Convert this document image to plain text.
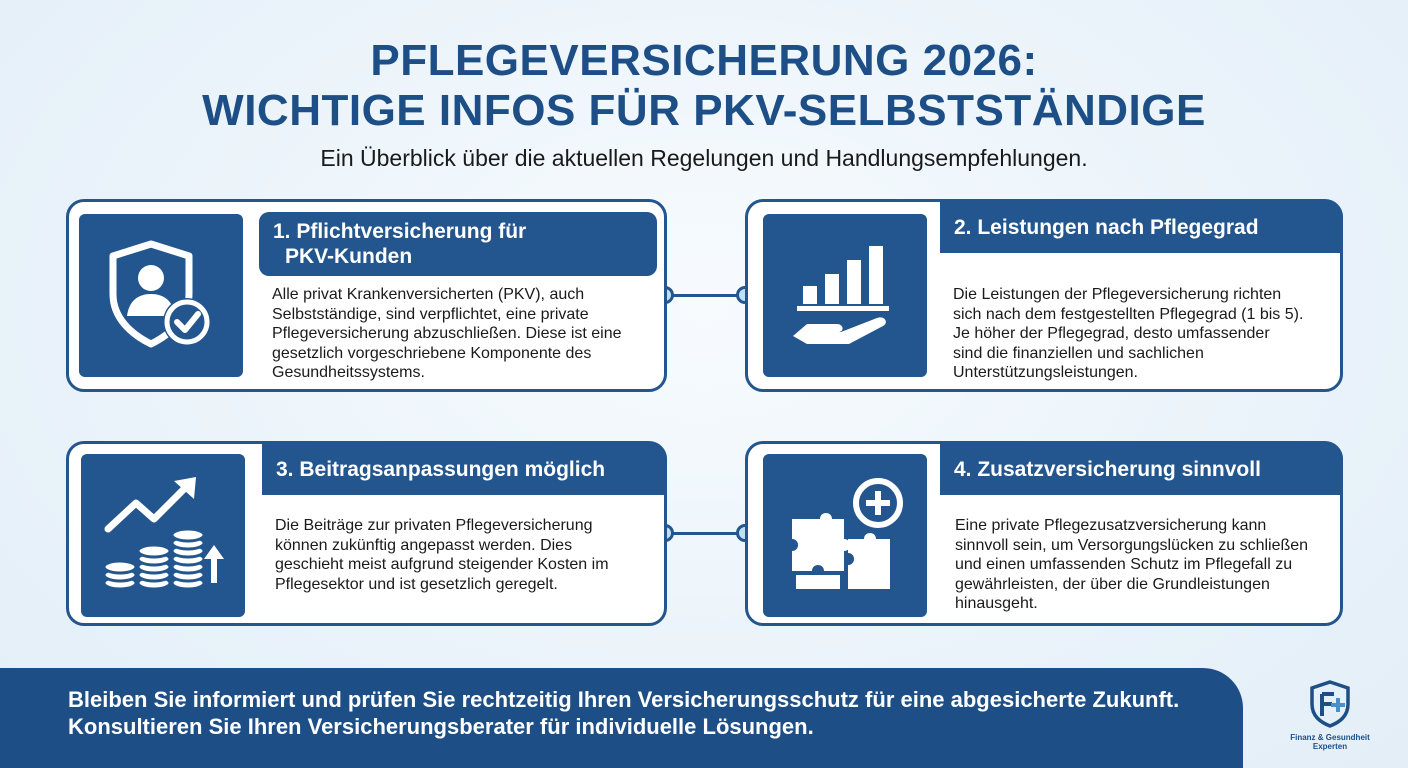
PFLEGEVERSICHERUNG 2026:
WICHTIGE INFOS FÜR PKV-SELBSTSTÄNDIGE
Ein Überblick über die aktuellen Regelungen und Handlungsempfehlungen.
1. Pflichtversicherung für
PKV-Kunden
Alle privat Krankenversicherten (PKV), auch
Selbstständige, sind verpflichtet, eine private
Pflegeversicherung abzuschließen. Diese ist eine
gesetzlich vorgeschriebene Komponente des
Gesundheitssystems.
2. Leistungen nach Pflegegrad
Die Leistungen der Pflegeversicherung richten
sich nach dem festgestellten Pflegegrad (1 bis 5).
Je höher der Pflegegrad, desto umfassender
sind die finanziellen und sachlichen
Unterstützungsleistungen.
3. Beitragsanpassungen möglich
Die Beiträge zur privaten Pflegeversicherung
können zukünftig angepasst werden. Dies
geschieht meist aufgrund steigender Kosten im
Pflegesektor und ist gesetzlich geregelt.
4. Zusatzversicherung sinnvoll
Eine private Pflegezusatzversicherung kann
sinnvoll sein, um Versorgungslücken zu schließen
und einen umfassenden Schutz im Pflegefall zu
gewährleisten, der über die Grundleistungen
hinausgeht.
Bleiben Sie informiert und prüfen Sie rechtzeitig Ihren Versicherungsschutz für eine abgesicherte Zukunft.
Konsultieren Sie Ihren Versicherungsberater für individuelle Lösungen.	Finanz & Gesundheit
Experten
